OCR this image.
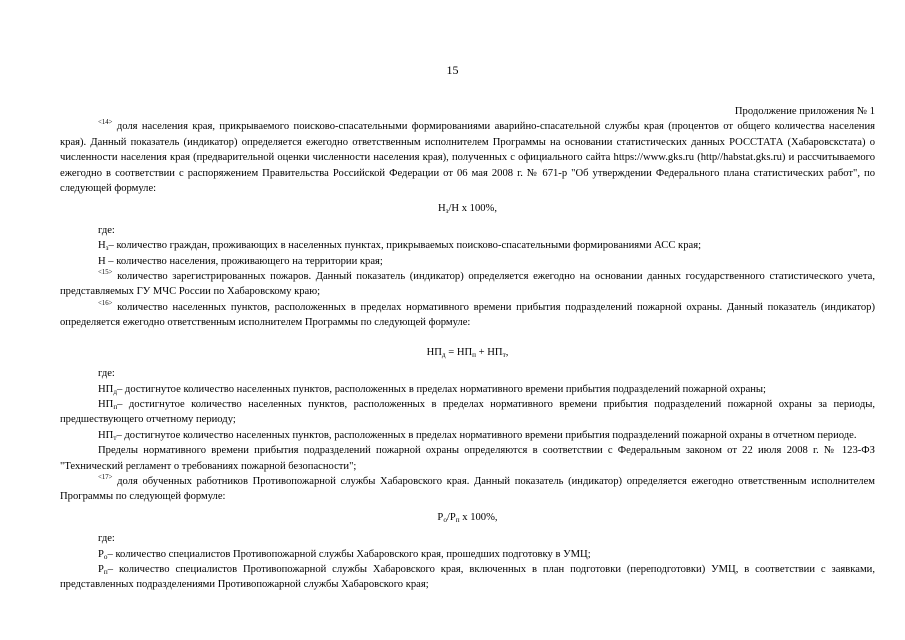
15

Продолжение приложения № 1

$^{<14>}$ доля населения края, прикрываемого поисково-спасательными формированиями аварийно-спасательной службы края (процентов от общего количества населения края). Данный показатель (индикатор) определяется ежегодно ответственным исполнителем Программы на основании статистических данных РОССТАТА (Хабаровскстата) о численности населения края (предварительной оценки численности населения края), полученных с официального сайта https://www.gks.ru (http//habstat.gks.ru) и рассчитываемого ежегодно в соответствии с распоряжением Правительства Российской Федерации от 06 мая 2008 г. № 671-р "Об утверждении Федерального плана статистических работ", по следующей формуле:

$Н_з/Н$ x 100%,

где:

$Н_з-$ количество граждан, проживающих в населенных пунктах, прикрываемых поисково-спасательными формированиями АСС края;

Н – количество населения, проживающего на территории края;

$^{<15>}$ количество зарегистрированных пожаров. Данный показатель (индикатор) определяется ежегодно на основании данных государственного статистического учета, представляемых ГУ МЧС России по Хабаровскому краю;

$^{<16>}$ количество населенных пунктов, расположенных в пределах нормативного времени прибытия подразделений пожарной охраны. Данный показатель (индикатор) определяется ежегодно ответственным исполнителем Программы по следующей формуле:

$НП_д = НП_п + НП_т$,

где:

$НП_д-$ достигнутое количество населенных пунктов, расположенных в пределах нормативного времени прибытия подразделений пожарной охраны;

$НП_п-$ достигнутое количество населенных пунктов, расположенных в пределах нормативного времени прибытия подразделений пожарной охраны за периоды, предшествующего отчетному периоду;

$НП_т-$ достигнутое количество населенных пунктов, расположенных в пределах нормативного времени прибытия подразделений пожарной охраны в отчетном периоде.

Пределы нормативного времени прибытия подразделений пожарной охраны определяются в соответствии с Федеральным законом от 22 июля 2008 г. № 123-ФЗ "Технический регламент о требованиях пожарной безопасности";

$^{<17>}$ доля обученных работников Противопожарной службы Хабаровского края. Данный показатель (индикатор) определяется ежегодно ответственным исполнителем Программы по следующей формуле:

$Р_о/Р_п$ x 100%,

где:

$Р_о-$ количество специалистов Противопожарной службы Хабаровского края, прошедших подготовку в УМЦ;

$Р_п-$ количество специалистов Противопожарной службы Хабаровского края, включенных в план подготовки (переподготовки) УМЦ, в соответствии с заявками, представленных подразделениями Противопожарной службы Хабаровского края;
